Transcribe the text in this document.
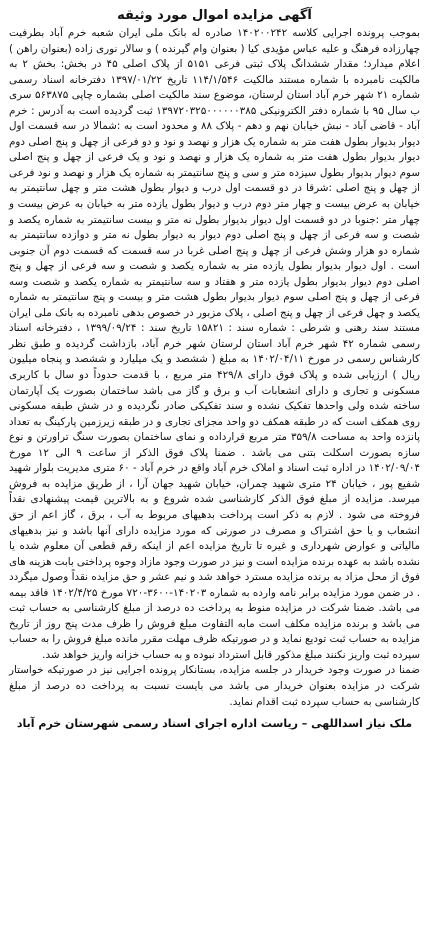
آگهی مزایده اموال مورد وثیقه

بموجب پرونده اجرایی کلاسه ۱۴۰۲۰۰۲۴۲ صادره له بانک ملی ایران شعبه خرم آباد بطرفیت چهارزاده فرهنگ و علیه عباس مؤیدی کیا ( بعنوان وام گیرنده ) و سالار نوری زاده (بعنوان راهن ) اعلام میدارد؛ مقدار ششدانگ پلاک ثبتی فرعی ۵۱۵۱ از پلاک اصلی ۴۵ در بخش: بخش ۲ به مالکیت نامبرده با شماره مستند مالکیت ۱۱۴/۱/۵۴۶ تاریخ ۱۳۹۷/۰۱/۲۲ دفترخانه اسناد رسمی شماره ۲۱ شهر خرم آباد استان لرستان، موضوع سند مالکیت اصلی بشماره چاپی ۵۶۳۸۷۵ سری ب سال ۹۵ با شماره دفتر الکترونیکی ۱۳۹۷۲۰۳۲۵۰۰۰۰۰۰۳۸۵ ثبت گردیده است به آدرس : خرم آباد - قاضی آباد - نبش خیابان نهم و دهم - پلاک ۸۸ و محدود است به :شمالا در سه قسمت اول دیوار بدیوار بطول هفت متر به شماره یک هزار و نهصد و نود و دو فرعی از چهل و پنج اصلی دوم دیوار بدیوار بطول هفت متر به شماره یک هزار و نهصد و نود و یک فرعی از چهل و پنج اصلی سوم دیوار بدیوار بطول سیزده متر و سی و پنج سانتیمتر به شماره یک هزار و نهصد و نود فرعی از چهل و پنج اصلی :شرقا در دو قسمت اول درب و دیوار بطول هشت متر و چهل سانتیمتر به خیابان به عرض بیست و چهار متر دوم درب و دیوار بطول یازده متر به خیابان به عرض بیست و چهار متر :جنوبا در دو قسمت اول دیوار بدیوار بطول نه متر و بیست سانتیمتر به شماره یکصد و شصت و سه فرعی از چهل و پنج اصلی دوم دیوار به دیوار بطول نه متر و دوازده سانتیمتر به شماره دو هزار وشش فرعی از چهل و پنج اصلی غربا در سه قسمت که قسمت دوم آن جنوبی است . اول دیوار بدیوار بطول یازده متر به شماره یکصد و شصت و سه فرعی از چهل و پنج اصلی دوم دیوار بدیوار بطول یازده متر و هفتاد و سه سانتیمتر به شماره یکصد و شصت وسه فرعی از چهل و پنج اصلی سوم دیوار بدیوار بطول هشت متر و بیست و پنج سانتیمتر به شماره یکصد و چهل فرعی از چهل و پنج اصلی ، پلاک مزبور در خصوص بدهی نامبرده به بانک ملی ایران مستند سند رهنی و شرطی : شماره سند : ۱۵۸۲۱ تاریخ سند : ۱۳۹۹/۰۹/۲۴ ، دفترخانه اسناد رسمی شماره ۴۲ شهر خرم آباد استان لرستان شهر خرم آباد، بازداشت گردیده و طبق نظر کارشناس رسمی در مورخ ۱۴۰۲/۰۴/۱۱ به مبلغ ( ششصد و یک میلیارد و ششصد و پنجاه میلیون ریال ) ارزیابی شده و پلاک فوق دارای ۴۲۹/۸ متر مربع ، با قدمت حدوداً دو سال با کاربری مسکونی و تجاری و دارای انشعابات آب و برق و گاز می باشد ساختمان بصورت یک آپارتمان ساخته شده ولی واحدها تفکیک نشده و سند تفکیکی صادر نگردیده و در شش طبقه مسکونی روی همکف است که در طبقه همکف دو واحد مجزای تجاری و در طبقه زیرزمین پارکینگ به تعداد پانزده واحد به مساحت ۳۵۹/۸ متر مربع قرارداده و نمای ساختمان بصورت سنگ تراورتن و نوع سازه بصورت اسکلت بتنی می باشد . ضمنا پلاک فوق الذکر از ساعت ۹ الی ۱۲ مورخ ۱۴۰۲/۰۹/۰۴ در اداره ثبت اسناد و املاک خرم آباد واقع در خرم آباد - ۶۰ متری مدیریت بلوار شهید شفیع پور ، خیابان ۲۴ متری شهید چمران، خیابان شهید جهان آرا ، از طریق مزایده به فروش میرسد. مزایده از مبلغ فوق الذکر کارشناسی شده شروع و به بالاترین قیمت پیشنهادی نقداً فروخته می شود . لازم به ذکر است پرداخت بدهیهای مربوط به آب ، برق ، گاز اعم از حق انشعاب و یا حق اشتراک و مصرف در صورتی که مورد مزایده دارای آنها باشد و نیز بدهیهای مالیاتی و عوارض شهرداری و غیره تا تاریخ مزایده اعم از اینکه رقم قطعی آن معلوم شده یا نشده باشد به عهده برنده مزایده است و نیز در صورت وجود مازاد وجوه پرداختی بابت هزینه های فوق از محل مزاد به برنده مزایده مسترد خواهد شد و نیم عشر و حق مزایده نقداً وصول میگردد . در ضمن مورد مزایده برابر نامه وارده به شماره ۱۴۰۲۰۳-۳۶۰۰-۷۲۰ مورخ ۱۴۰۲/۴/۲۵ فاقد بیمه می باشد. ضمنا شرکت در مزایده منوط به پرداخت ده درصد از مبلغ کارشناسی به حساب ثبت می باشد و برنده مزایده مکلف است مابه التفاوت مبلغ فروش را ظرف مدت پنج روز از تاریخ مزایده به حساب ثبت تودیع نماید و در صورتیکه ظرف مهلت مقرر مانده مبلغ فروش را به حساب سپرده ثبت واریز نکنند مبلغ مذکور قابل استرداد نبوده و به حساب خزانه واریز خواهد شد.

ضمنا در صورت وجود خریدار در جلسه مزایده، بستانکار پرونده اجرایی نیز در صورتیکه خواستار شرکت در مزایده بعنوان خریدار می باشد می بایست نسبت به پرداخت ده درصد از مبلغ کارشناسی به حساب سپرده ثبت اقدام نماید.

ملک نیاز اسداللهی – ریاست اداره اجرای اسناد رسمی شهرستان خرم آباد
